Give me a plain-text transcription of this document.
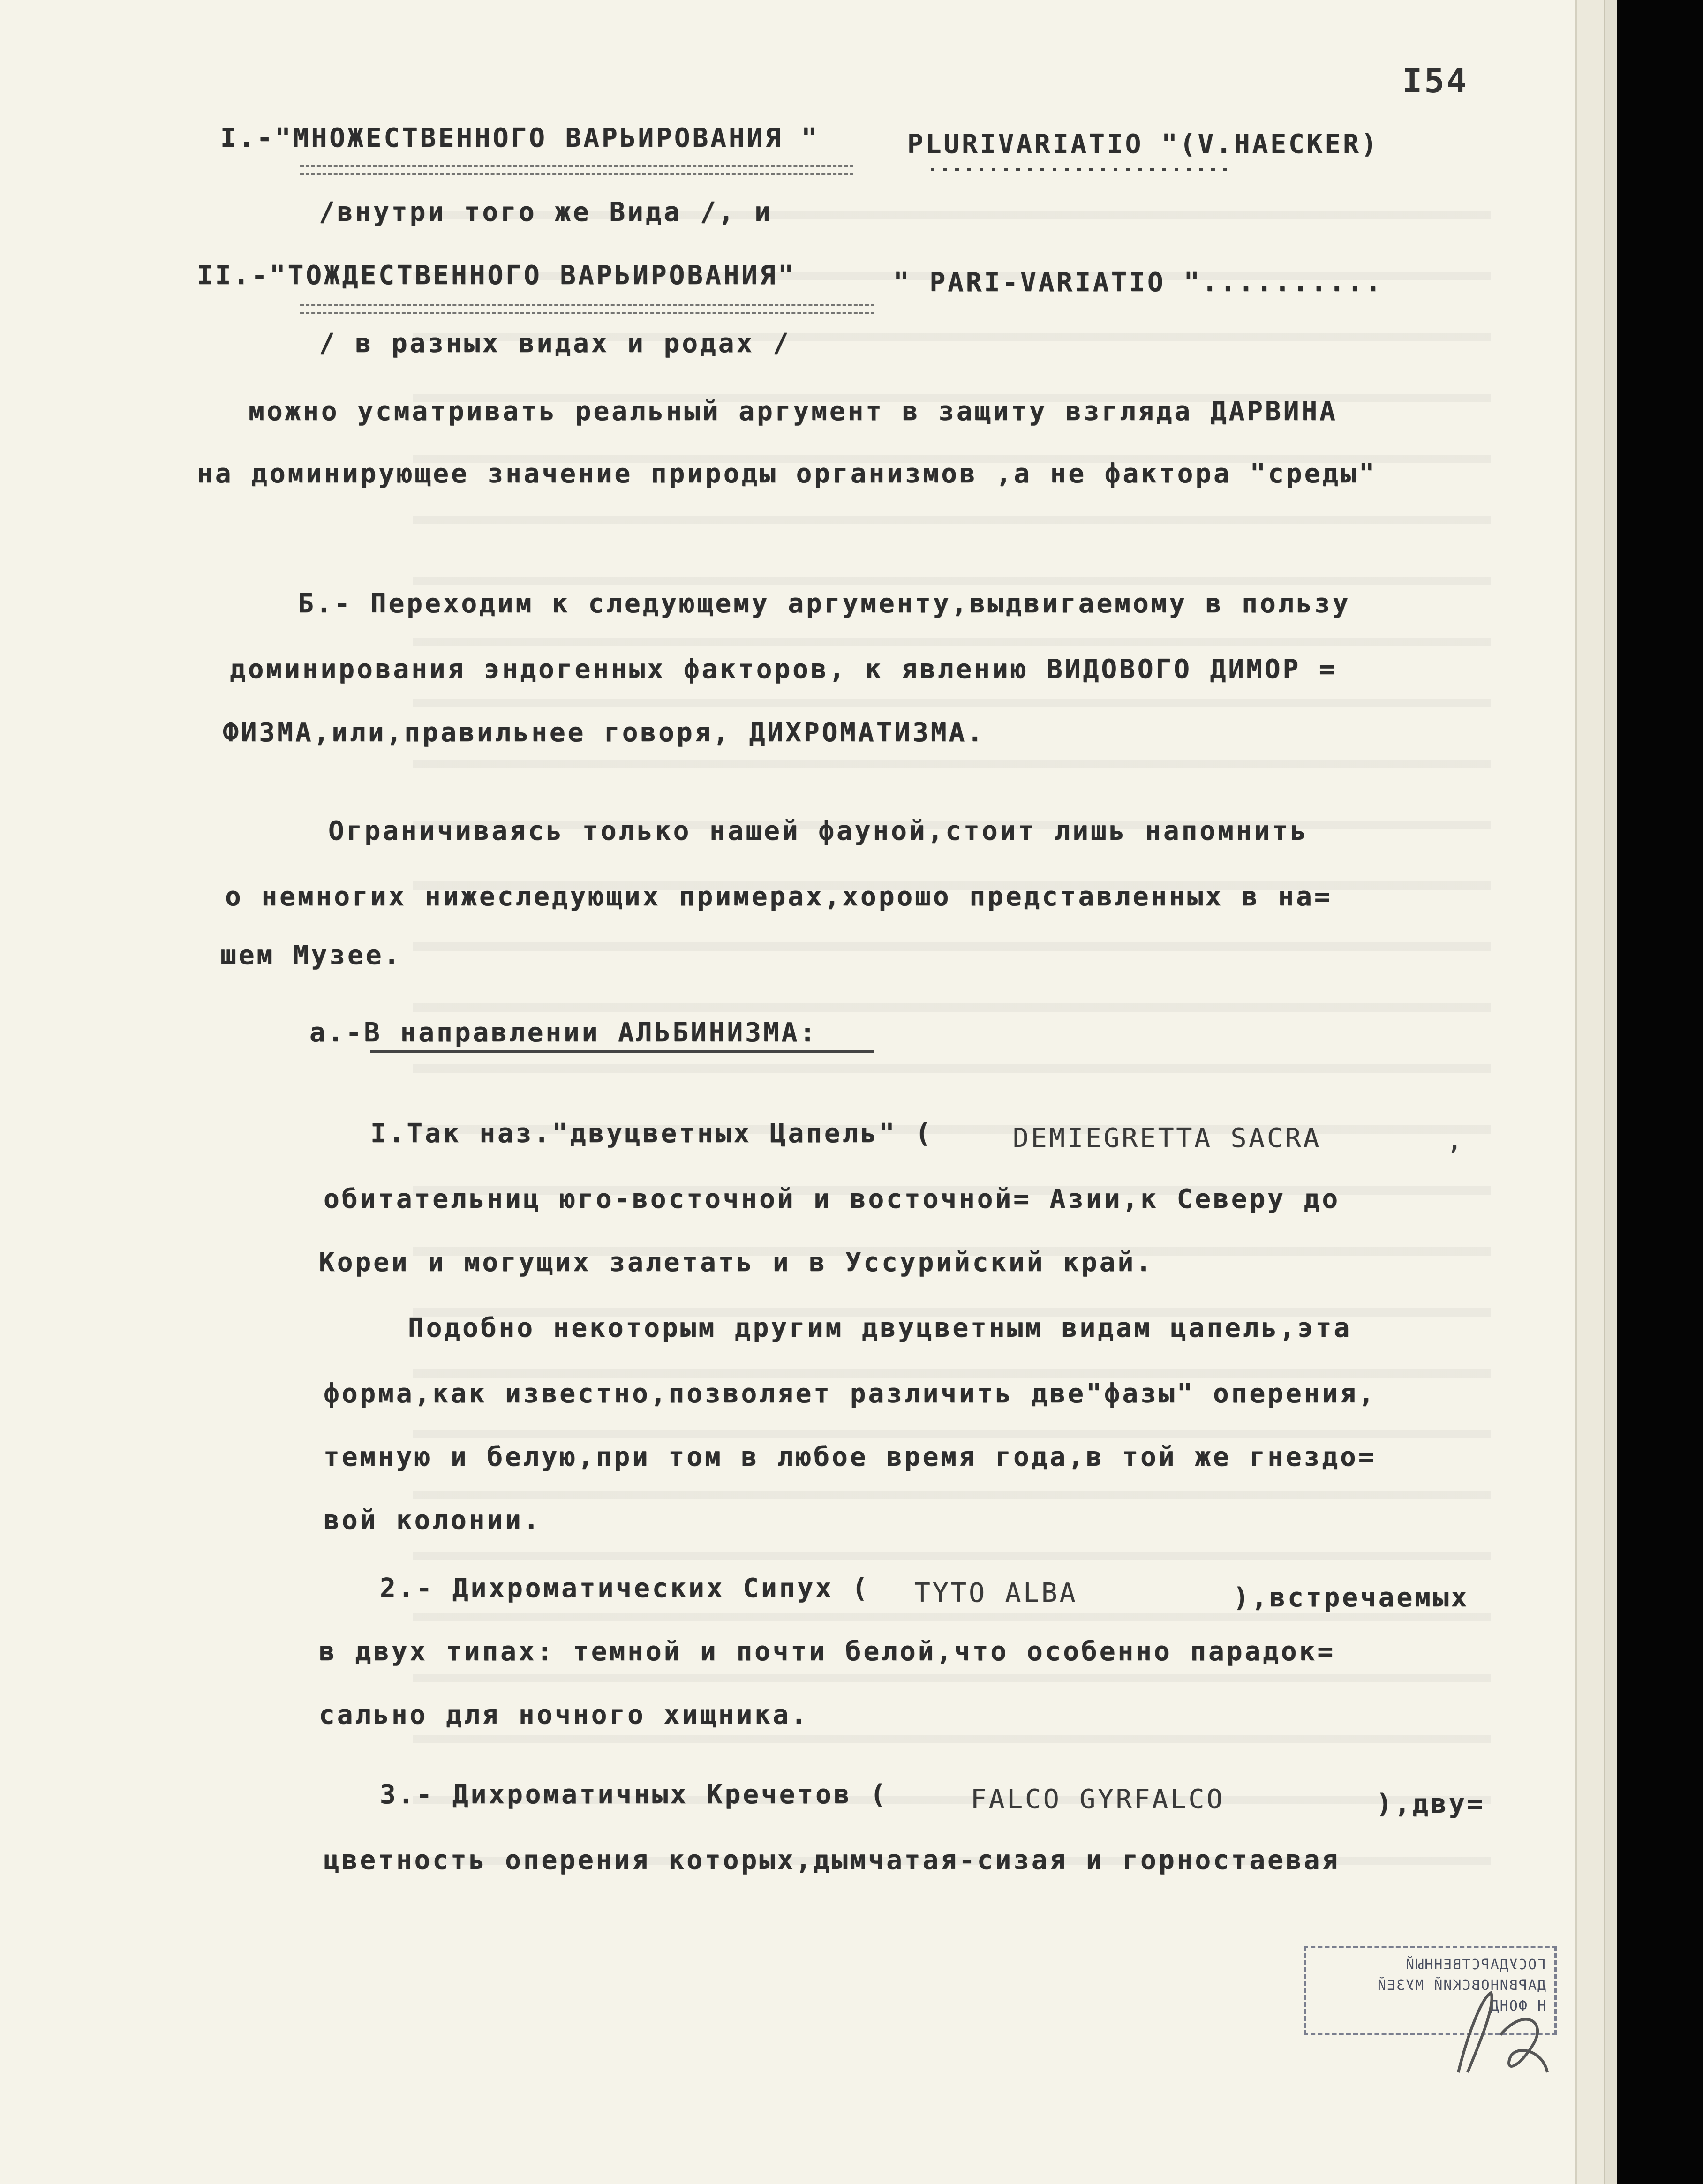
I54
I.-"МНОЖЕСТВЕННОГО ВАРЬИРОВАНИЯ "	PLURIVARIATIO "(V.HAECKER)
/внутри того же Вида /, и
II.-"ТОЖДЕСТВЕННОГО ВАРЬИРОВАНИЯ"	" PARI-VARIATIO "..........
/ в разных видах и родах /
можно усматривать реальный аргумент в защиту взгляда ДАРВИНА
на доминирующее значение природы организмов ,а не фактора "среды"
Б.- Переходим к следующему аргументу,выдвигаемому в пользу
доминирования эндогенных факторов, к явлению ВИДОВОГО ДИМОР =
ФИЗМА,или,правильнее говоря, ДИХРОМАТИЗМА.
Ограничиваясь только нашей фауной,стоит лишь напомнить
о немногих нижеследующих примерах,хорошо представленных в на=
шем Музее.
а.-В направлении АЛЬБИНИЗМА:
I.Так наз."двуцветных Цапель" (	DEMIEGRETTA SACRA	,
обитательниц юго-восточной и восточной= Азии,к Северу до
Кореи и могущих залетать и в Уссурийский край.
Подобно некоторым другим двуцветным видам цапель,эта
форма,как известно,позволяет различить две"фазы" оперения,
темную и белую,при том в любое время года,в той же гнездо=
вой колонии.
2.- Дихроматических Сипух ( TYTO ALBA	),встречаемых
в двух типах: темной и почти белой,что особенно парадок=
сально для ночного хищника.
3.- Дихроматичных Кречетов (	FALCO GYRFALCO	),дву=
цветность оперения которых,дымчатая-сизая и горностаевая
ГОСУДАРСТВЕННЫЙ
ДАРВИНОВСКИЙ МУЗЕЙ
Н ФОНД
